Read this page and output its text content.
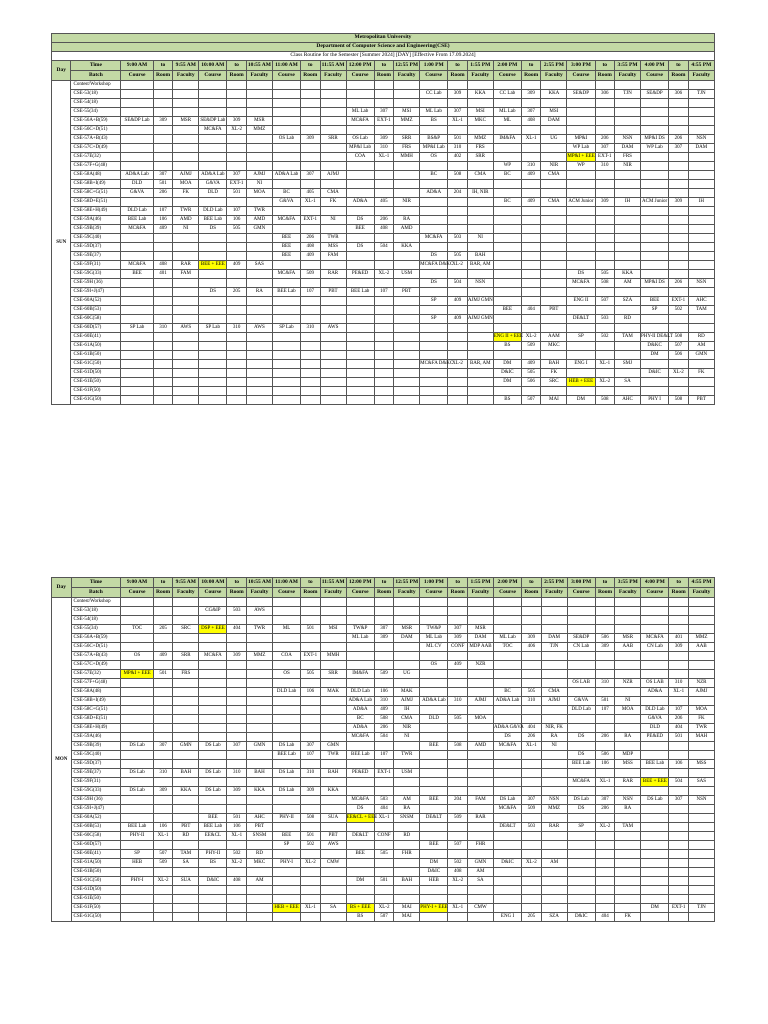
Metropolitan University																									
Department of Computer Science and Engineering(CSE)																									
Class Routine for the Semester [Summer 2024] [DAY] [Effective From 17.09.2024]																									
Day	Time	9:00 AM	to	9:55 AM	10:00 AM	to	10:55 AM	11:00 AM	to	11:55 AM	12:00 PM	to	12:55 PM	1:00 PM	to	1:55 PM	2:00 PM	to	2:55 PM	3:00 PM	to	3:55 PM	4:00 PM	to	4:55 PM
	Batch	Course	Room	Faculty	Course	Room	Faculty	Course	Room	Faculty	Course	Room	Faculty	Course	Room	Faculty	Course	Room	Faculty	Course	Room	Faculty	Course	Room	Faculty
SUN	Contest/Workshop																								
	CSE-53(18)													CC Lab	309	KKA	CC Lab	309	KKA	SE&DP	306	TJN	SE&DP	306	TJN
	CSE-54(18)																								
	CSE-55(34)										ML Lab	307	MSI	ML Lab	307	MSI	ML Lab	307	MSI						
	CSE-56A+B(59)	SE&DP Lab	309	MSR	SE&DP Lab	309	MSR				MC&FA	EXT-1	MMZ	BS	XL-1	MKC	ML	408	DAM						
	CSE-56C+D(51)				MC&FA	XL-2	MMZ																		
	CSE-57A+B(43)							OS Lab	309	SRR	OS Lab	309	SRR	BS&P	501	MMZ	IM&FA	XL-1	UG	MP&I	206	NSN	MP&I DS	206	NSN
	CSE-57C+D(49)										MP&I Lab	310	FRS	MP&I Lab	310	FRS				WP Lab	307	DAM	WP Lab	307	DAM
	CSE-57E(32)										COA	XL-1	MMH	OS	402	SRR				MP&I + EEE	EXT-1	FRS			
	CSE-57F+G(48)																WP	310	NIR	WP	310	NIR			
	CSE-58A(48)	AD&A Lab	307	AJMJ	AD&A Lab	307	AJMJ	AD&A Lab	307	AJMJ				BC	508	CMA	BC	409	CMA						
	CSE-58B+I(49)	DLD	501	MOA	G&VA	EXT-1	NI																		
	CSE-58C+G(51)	G&VA	206	FK	DLD	501	MOA	BC	405	CMA				AD&A	204	IH, NIR									
	CSE-58D+E(51)							G&VA	XL-1	FK	AD&A	405	NIR				BC	409	CMA	ACM Junior	309	IH	ACM Junior	309	IH
	CSE-58E+H(49)	DLD Lab	107	TWR	DLD Lab	107	TWR																		
	CSE-59A(46)	BEE Lab	106	AMD	BEE Lab	106	AMD	MC&FA	EXT-1	NI	DS	206	RA												
	CSE-59B(39)	MC&FA	409	NI	DS	505	GMN				BEE	408	AMD												
	CSE-59C(40)							BEE	206	TWR				MC&FA	503	NI									
	CSE-59D(37)							BEE	408	MSS	DS	504	KKA												
	CSE-59E(37)							BEE	409	FAM				DS	505	BAH									
	CSE-59F(31)	MC&FA	408	RAR	BEE + EEE	409	SAS							MC&FA D&KC	XL-2	BAR, AM									
	CSE-59G(33)	BEE	401	FAM				MC&FA	509	RAR	PE&ED	XL-2	USM							DS	505	KKA			
	CSE-59H (36)													DS	504	NSN				MC&FA	508	AM	MP&I DS	206	NSN
	CSE-59I+J(47)				DS	205	RA	BEE Lab	107	PBT	BEE Lab	107	PBT												
	CSE-60A(52)													SP	409	AJMJ GMN				ENG II	507	SZA	BEE	EXT-1	AHC
	CSE-60B(53)																BEE	404	PBT				SP	502	TAM
	CSE-60C(58)													SP	409	AJMJ GMN				DE&LT	503	RD			
	CSE-60D(57)	SP Lab	310	AWS	SP Lab	310	AWS	SP Lab	310	AWS															
	CSE-60E(41)																ENG II + EEE	XL-2	AAM	SP	502	TAM	PHY-II DE&LT	508	RD
	CSE-61A(50)																BS	509	MKC				D&KC	507	AM
	CSE-61B(50)																						DM	506	GMN
	CSE-61C(50)													MC&FA D&KC	XL-2	BAR, AM	DM	409	BAH	ENG I	XL-1	SMJ			
	CSE-61D(50)																D&IC	505	FK				D&IC	XL-2	FK
	CSE-61E(50)																DM	506	SRC	HEB + EEE	XL-2	SA			
	CSE-61F(50)																								
	CSE-61G(50)																BS	507	MAI	DM	508	AHC	PHY I	508	PBT
Day	Time	9:00 AM	to	9:55 AM	10:00 AM	to	10:55 AM	11:00 AM	to	11:55 AM	12:00 PM	to	12:55 PM	1:00 PM	to	1:55 PM	2:00 PM	to	2:55 PM	3:00 PM	to	3:55 PM	4:00 PM	to	4:55 PM
	Batch	Course	Room	Faculty	Course	Room	Faculty	Course	Room	Faculty	Course	Room	Faculty	Course	Room	Faculty	Course	Room	Faculty	Course	Room	Faculty	Course	Room	Faculty
MON	Contest/Workshop																								
	CSE-53(18)				CG&IP	503	AWS																		
	CSE-54(18)																								
	CSE-55(34)	TOC	205	SRC	DSP + EEE	404	TWR	ML	501	MSI	TW&P	307	MSR	TW&P	307	MSR									
	CSE-56A+B(59)										ML Lab	309	DAM	ML Lab	309	DAM	ML Lab	309	DAM	SE&DP	506	MSR	MC&FA	401	MMZ
	CSE-56C+D(51)													ML CV	CONF	MDP AAB	TOC	406	TJN	CN Lab	309	AAB	CN Lab	309	AAB
	CSE-57A+B(43)	OS	409	SRR	MC&FA	309	MMZ	COA	EXT-1	MMH															
	CSE-57C+D(49)													OS	409	NZR									
	CSE-57E(32)	MP&I + EEE	501	FRS				OS	505	SRR	IM&FA	509	UG												
	CSE-57F+G(48)																			OS LAB	310	NZR	OS LAB	310	NZR
	CSE-58A(48)							DLD Lab	106	MAK	DLD Lab	106	MAK				BC	505	CMA				AD&A	XL-1	AJMJ
	CSE-58B+I(49)										AD&A Lab	310	AJMJ	AD&A Lab	310	AJMJ	AD&A Lab	310	AJMJ	G&VA	501	NI			
	CSE-58C+G(51)										AD&A	409	IH							DLD Lab	107	MOA	DLD Lab	107	MOA
	CSE-58D+E(51)										BC	508	CMA	DLD	505	MOA							G&VA	206	FK
	CSE-58E+H(49)										AD&A	206	NIR				AD&A G&VA	404	NIR, FK				DLD	404	TWR
	CSE-59A(46)										MC&FA	504	NI				DS	206	RA	DS	206	RA	PE&ED	501	MAH
	CSE-59B(39)	DS Lab	307	GMN	DS Lab	307	GMN	DS Lab	307	GMN				BEE	508	AMD	MC&FA	XL-1	NI						
	CSE-59C(40)							BEE Lab	107	TWR	BEE Lab	107	TWR							DS	506	MDP			
	CSE-59D(37)																			BEE Lab	106	MSS	BEE Lab	106	MSS
	CSE-59E(37)	DS Lab	310	BAH	DS Lab	310	BAH	DS Lab	310	BAH	PE&ED	EXT-1	USM												
	CSE-59F(31)																			MC&FA	XL-1	RAR	BEE + EEE	504	SAS
	CSE-59G(33)	DS Lab	309	KKA	DS Lab	309	KKA	DS Lab	309	KKA															
	CSE-59H (36)										MC&FA	503	AM	BEE	204	FAM	DS Lab	307	NSN	DS Lab	307	NSN	DS Lab	307	NSN
	CSE-59I+J(47)										DS	404	RA				MC&FA	509	MMZ	DS	206	RA			
	CSE-60A(52)				BEE	501	AHC	PHY-II	508	SUA	EE&CL + EEE	XL-1	SNSM	DE&LT	509	RAR									
	CSE-60B(53)	BEE Lab	106	PBT	BEE Lab	106	PBT										DE&LT	503	RAR	SP	XL-2	TAM			
	CSE-60C(58)	PHY-II	XL-1	RD	EE&CL	XL-1	SNSM	BEE	501	PBT	DE&LT	CONF	RD												
	CSE-60D(57)							SP	502	AWS				BEE	507	FHR									
	CSE-60E(41)	SP	507	TAM	PHY-II	502	RD				BEE	505	FHR												
	CSE-61A(50)	HEB	509	SA	BS	XL-2	MKC	PHY-I	XL-2	CMW				DM	502	GMN	D&IC	XL-2	AM						
	CSE-61B(50)													D&IC	408	AM									
	CSE-61C(50)	PHY-I	XL-2	SUA	D&IC	408	AM				DM	501	BAH	HEB	XL-2	SA									
	CSE-61D(50)																								
	CSE-61E(50)																								
	CSE-61F(50)							HEB + EEE	XL-1	SA	BS + EEE	XL-2	MAI	PHY-I + EEE	XL-1	CMW							DM	EXT-1	TJN
	CSE-61G(50)										BS	507	MAI				ENG I	205	SZA	D&IC	404	FK			
